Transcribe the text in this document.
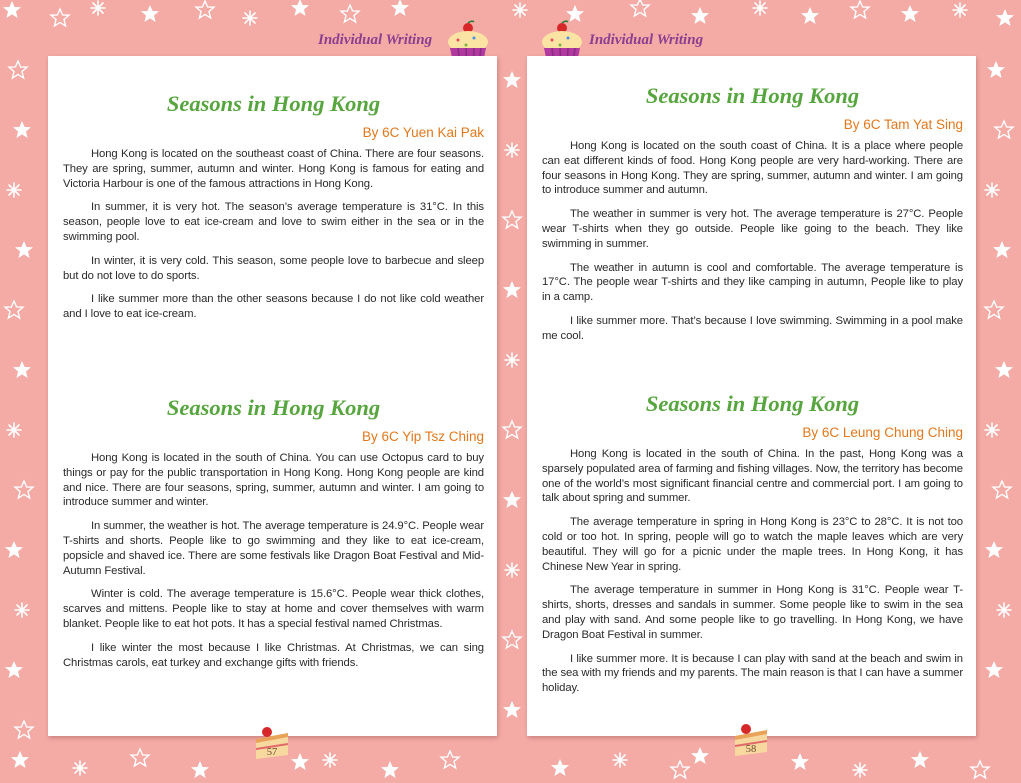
Individual Writing	Individual Writing
Seasons in Hong Kong
By 6C Yuen Kai Pak

Hong Kong is located on the southeast coast of China. There are four seasons. They are spring, summer, autumn and winter. Hong Kong is famous for eating and Victoria Harbour is one of the famous attractions in Hong Kong.

In summer, it is very hot. The season’s average temperature is 31°C. In this season, people love to eat ice-cream and love to swim either in the sea or in the swimming pool.

In winter, it is very cold. This season, some people love to barbecue and sleep but do not love to do sports.

I like summer more than the other seasons because I do not like cold weather and I love to eat ice-cream.

Seasons in Hong Kong
By 6C Yip Tsz Ching

Hong Kong is located in the south of China. You can use Octopus card to buy things or pay for the public transportation in Hong Kong. Hong Kong people are kind and nice. There are four seasons, spring, summer, autumn and winter. I am going to introduce summer and winter.

In summer, the weather is hot. The average temperature is 24.9°C. People wear T-shirts and shorts. People like to go swimming and they like to eat ice-cream, popsicle and shaved ice. There are some festivals like Dragon Boat Festival and Mid-Autumn Festival.

Winter is cold. The average temperature is 15.6°C. People wear thick clothes, scarves and mittens. People like to stay at home and cover themselves with warm blanket. People like to eat hot pots. It has a special festival named Christmas.

I like winter the most because I like Christmas. At Christmas, we can sing Christmas carols, eat turkey and exchange gifts with friends.

Seasons in Hong Kong
By 6C Tam Yat Sing

Hong Kong is located on the south coast of China. It is a place where people can eat different kinds of food. Hong Kong people are very hard-working. There are four seasons in Hong Kong. They are spring, summer, autumn and winter. I am going to introduce summer and autumn.

The weather in summer is very hot. The average temperature is 27°C. People wear T-shirts when they go outside. People like going to the beach. They like swimming in summer.

The weather in autumn is cool and comfortable. The average temperature is 17°C. The people wear T-shirts and they like camping in autumn, People like to play in a camp.

I like summer more. That’s because I love swimming. Swimming in a pool make me cool.

Seasons in Hong Kong
By 6C Leung Chung Ching

Hong Kong is located in the south of China. In the past, Hong Kong was a sparsely populated area of farming and fishing villages. Now, the territory has become one of the world’s most significant financial centre and commercial port. I am going to talk about spring and summer.

The average temperature in spring in Hong Kong is 23°C to 28°C. It is not too cold or too hot. In spring, people will go to watch the maple leaves which are very beautiful. They will go for a picnic under the maple trees. In Hong Kong, it has Chinese New Year in spring.

The average temperature in summer in Hong Kong is 31°C. People wear T-shirts, shorts, dresses and sandals in summer. Some people like to swim in the sea and play with sand. And some people like to go travelling. In Hong Kong, we have Dragon Boat Festival in summer.

I like summer more. It is because I can play with sand at the beach and swim in the sea with my friends and my parents. The main reason is that I can have a summer holiday.

57	58
